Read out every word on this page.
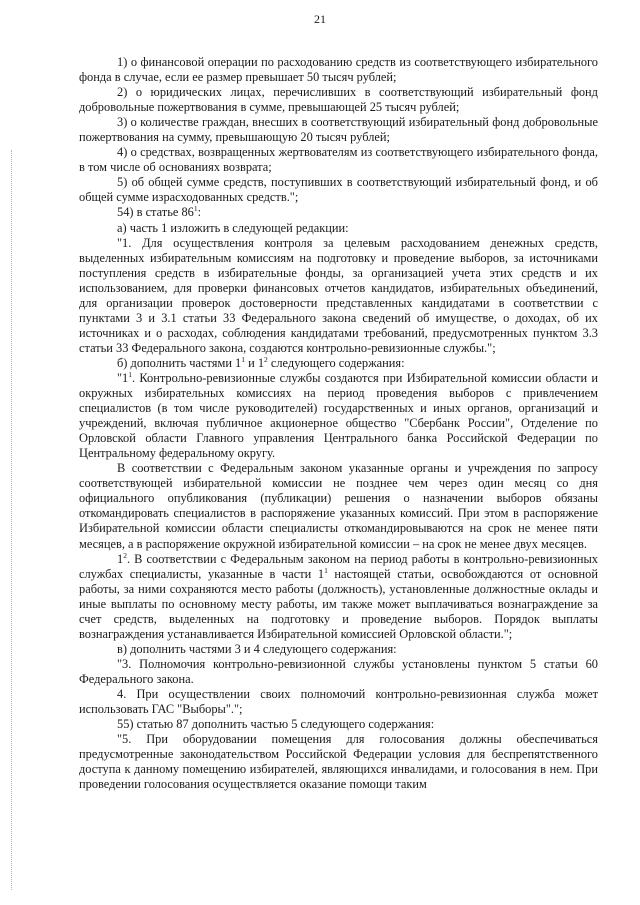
21

1) о финансовой операции по расходованию средств из соответствующего избирательного фонда в случае, если ее размер превышает 50 тысяч рублей;

2) о юридических лицах, перечисливших в соответствующий избирательный фонд добровольные пожертвования в сумме, превышающей 25 тысяч рублей;

3) о количестве граждан, внесших в соответствующий избирательный фонд добровольные пожертвования на сумму, превышающую 20 тысяч рублей;

4) о средствах, возвращенных жертвователям из соответствующего избирательного фонда, в том числе об основаниях возврата;

5) об общей сумме средств, поступивших в соответствующий избирательный фонд, и об общей сумме израсходованных средств.";

54) в статье $86^1$:

а) часть 1 изложить в следующей редакции:

"1. Для осуществления контроля за целевым расходованием денежных средств, выделенных избирательным комиссиям на подготовку и проведение выборов, за источниками поступления средств в избирательные фонды, за организацией учета этих средств и их использованием, для проверки финансовых отчетов кандидатов, избирательных объединений, для организации проверок достоверности представленных кандидатами в соответствии с пунктами 3 и 3.1 статьи 33 Федерального закона сведений об имуществе, о доходах, об их источниках и о расходах, соблюдения кандидатами требований, предусмотренных пунктом 3.3 статьи 33 Федерального закона, создаются контрольно-ревизионные службы.";

б) дополнить частями $1^1$ и $1^2$ следующего содержания:

"$1^1$. Контрольно-ревизионные службы создаются при Избирательной комиссии области и окружных избирательных комиссиях на период проведения выборов с привлечением специалистов (в том числе руководителей) государственных и иных органов, организаций и учреждений, включая публичное акционерное общество "Сбербанк России", Отделение по Орловской области Главного управления Центрального банка Российской Федерации по Центральному федеральному округу.

В соответствии с Федеральным законом указанные органы и учреждения по запросу соответствующей избирательной комиссии не позднее чем через один месяц со дня официального опубликования (публикации) решения о назначении выборов обязаны откомандировать специалистов в распоряжение указанных комиссий. При этом в распоряжение Избирательной комиссии области специалисты откомандировываются на срок не менее пяти месяцев, а в распоряжение окружной избирательной комиссии – на срок не менее двух месяцев.

$1^2$. В соответствии с Федеральным законом на период работы в контрольно-ревизионных службах специалисты, указанные в части $1^1$ настоящей статьи, освобождаются от основной работы, за ними сохраняются место работы (должность), установленные должностные оклады и иные выплаты по основному месту работы, им также может выплачиваться вознаграждение за счет средств, выделенных на подготовку и проведение выборов. Порядок выплаты вознаграждения устанавливается Избирательной комиссией Орловской области.";

в) дополнить частями 3 и 4 следующего содержания:

"3. Полномочия контрольно-ревизионной службы установлены пунктом 5 статьи 60 Федерального закона.

4. При осуществлении своих полномочий контрольно-ревизионная служба может использовать ГАС "Выборы".";

55) статью 87 дополнить частью 5 следующего содержания:

"5. При оборудовании помещения для голосования должны обеспечиваться предусмотренные законодательством Российской Федерации условия для беспрепятственного доступа к данному помещению избирателей, являющихся инвалидами, и голосования в нем. При проведении голосования осуществляется оказание помощи таким
